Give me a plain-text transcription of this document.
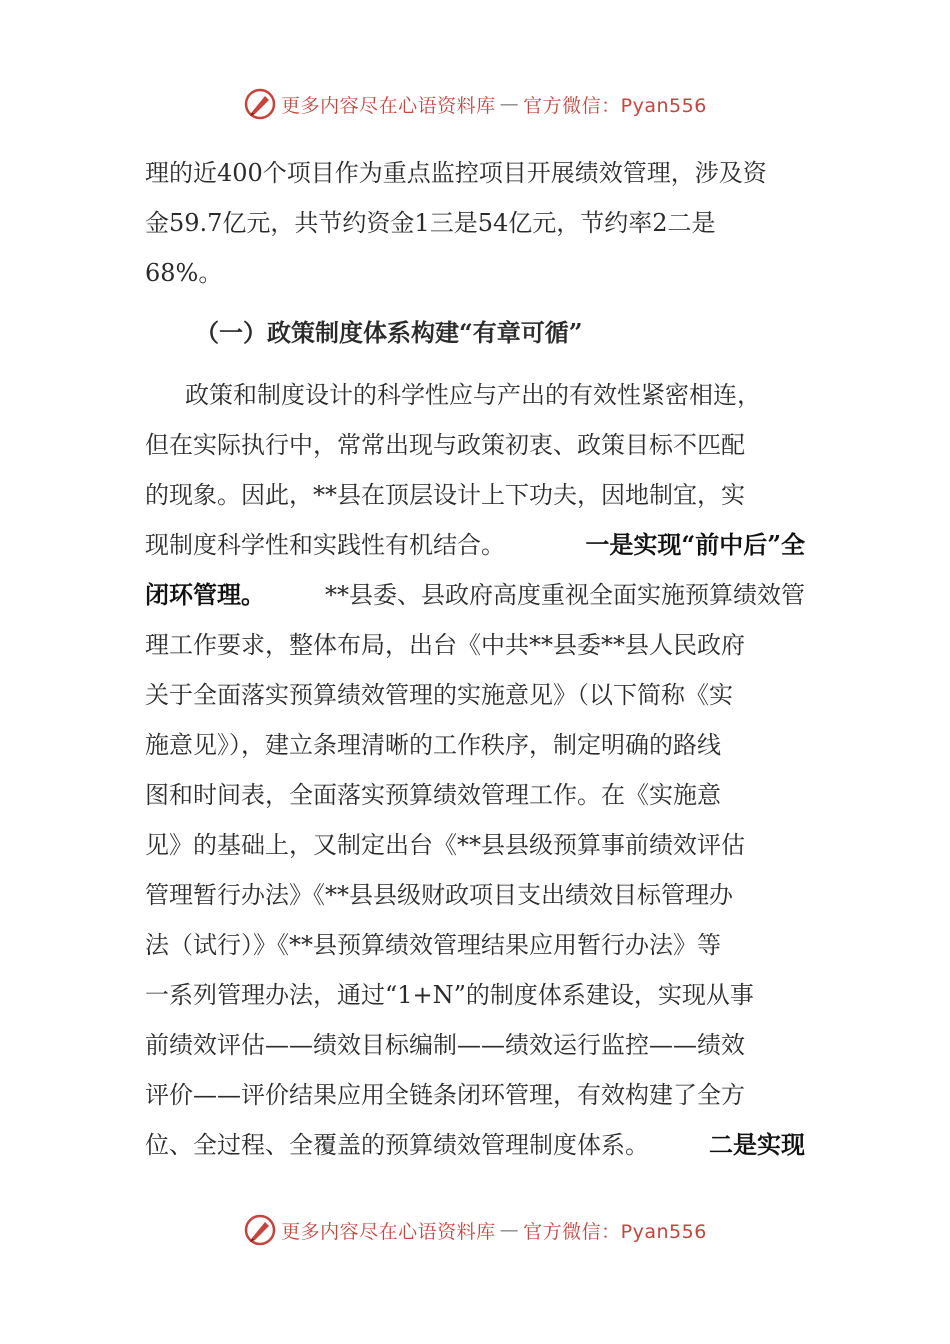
更多内容尽在心语资料库 — 官方微信：Pyan556
理的近400个项目作为重点监控项目开展绩效管理，涉及资
金59.7亿元，共节约资金1三是54亿元，节约率2二是
68%。
（一）政策制度体系构建“有章可循”
政策和制度设计的科学性应与产出的有效性紧密相连，
但在实际执行中，常常出现与政策初衷、政策目标不匹配
的现象。因此，**县在顶层设计上下功夫，因地制宜，实
现制度科学性和实践性有机结合。	一是实现“前中后”全
闭环管理。	**县委、县政府高度重视全面实施预算绩效管
理工作要求，整体布局，出台《中共**县委**县人民政府
关于全面落实预算绩效管理的实施意见》（以下简称《实
施意见》），建立条理清晰的工作秩序，制定明确的路线
图和时间表，全面落实预算绩效管理工作。在《实施意
见》的基础上，又制定出台《**县县级预算事前绩效评估
管理暂行办法》《**县县级财政项目支出绩效目标管理办
法（试行）》《**县预算绩效管理结果应用暂行办法》等
一系列管理办法，通过“1+N”的制度体系建设，实现从事
前绩效评估——绩效目标编制——绩效运行监控——绩效
评价——评价结果应用全链条闭环管理，有效构建了全方
位、全过程、全覆盖的预算绩效管理制度体系。	二是实现
更多内容尽在心语资料库 — 官方微信：Pyan556
